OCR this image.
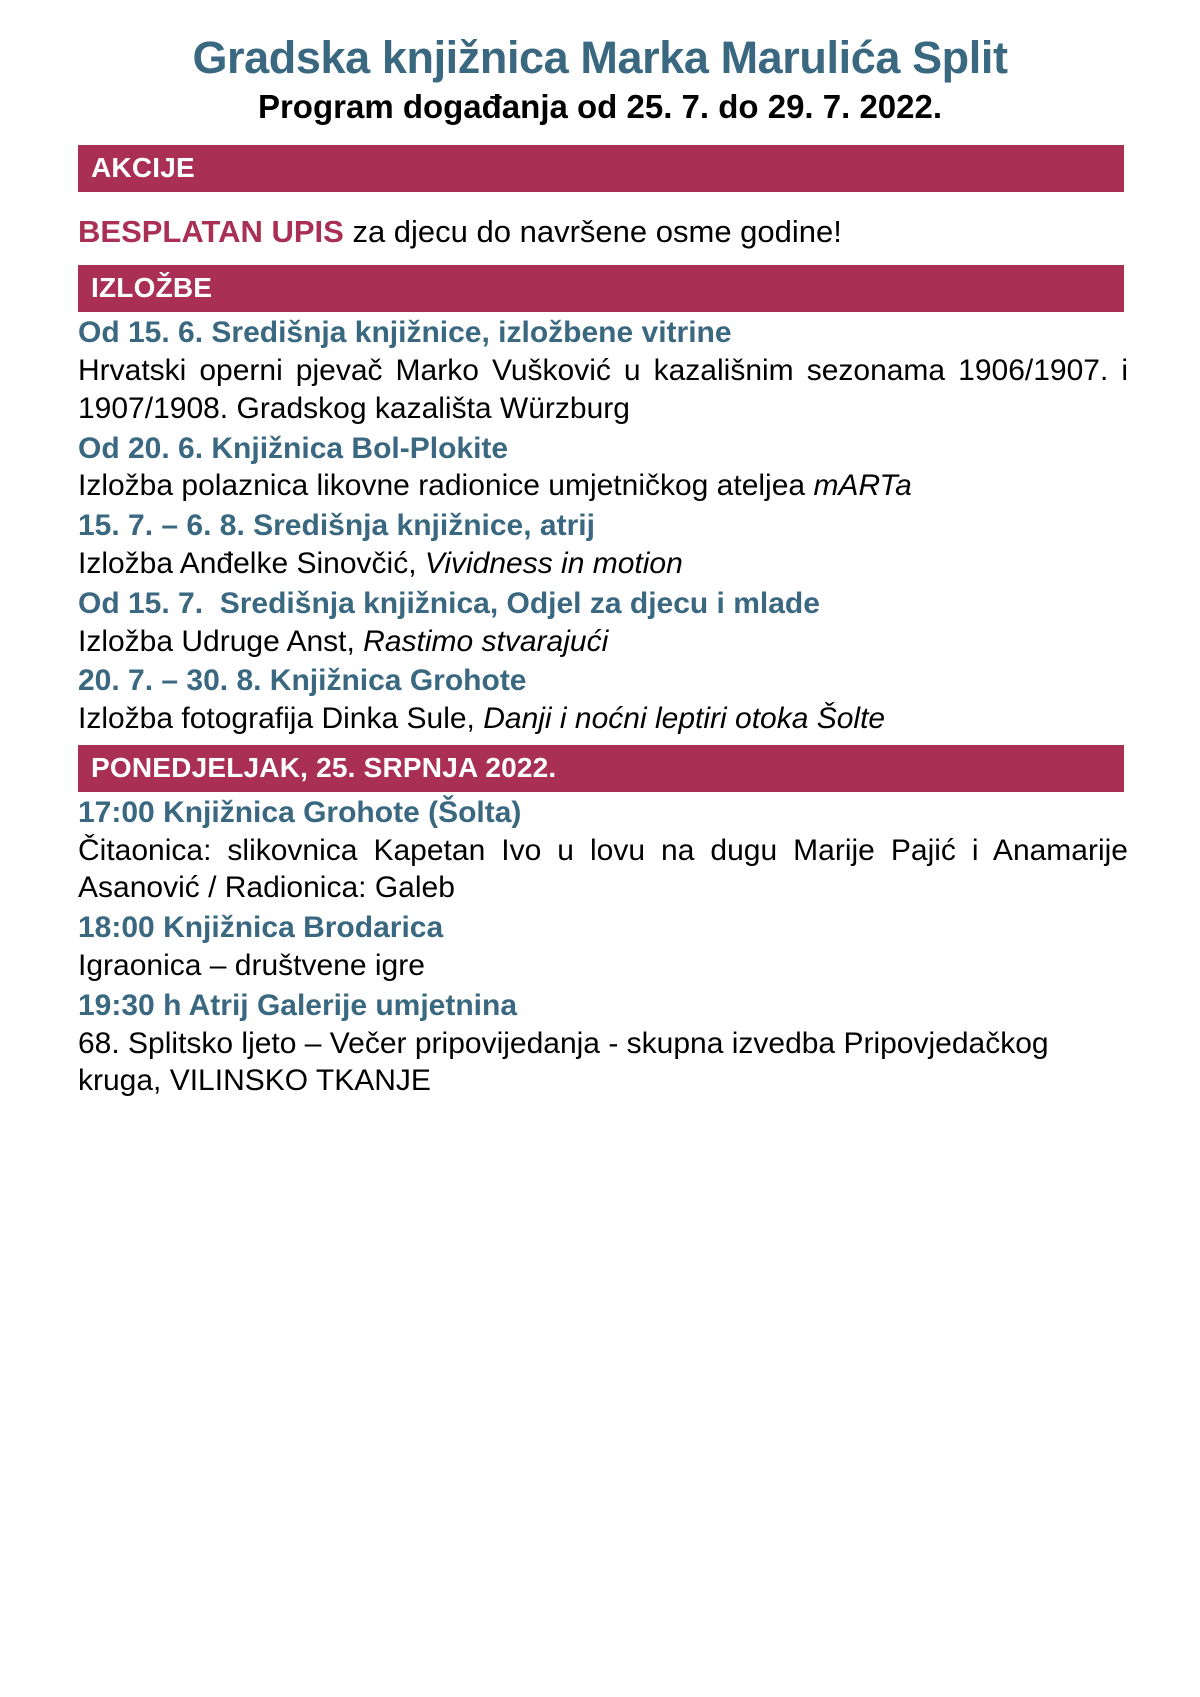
Gradska knjižnica Marka Marulića Split
Program događanja od 25. 7. do 29. 7. 2022.
AKCIJE
BESPLATAN UPIS za djecu do navršene osme godine!
IZLOŽBE
Od 15. 6. Središnja knjižnice, izložbene vitrine
Hrvatski operni pjevač Marko Vušković u kazališnim sezonama 1906/1907. i 1907/1908. Gradskog kazališta Würzburg
Od 20. 6. Knjižnica Bol-Plokite
Izložba polaznica likovne radionice umjetničkog ateljea mARTa
15. 7. – 6. 8. Središnja knjižnice, atrij
Izložba Anđelke Sinovčić, Vividness in motion
Od 15. 7.  Središnja knjižnica, Odjel za djecu i mlade
Izložba Udruge Anst, Rastimo stvarajući
20. 7. – 30. 8. Knjižnica Grohote
Izložba fotografija Dinka Sule, Danji i noćni leptiri otoka Šolte
PONEDJELJAK, 25. SRPNJA 2022.
17:00 Knjižnica Grohote (Šolta)
Čitaonica: slikovnica Kapetan Ivo u lovu na dugu Marije Pajić i Anamarije Asanović / Radionica: Galeb
18:00 Knjižnica Brodarica
Igraonica – društvene igre
19:30 h Atrij Galerije umjetnina
68. Splitsko ljeto – Večer pripovijedanja - skupna izvedba Pripovjedačkog kruga, VILINSKO TKANJE
